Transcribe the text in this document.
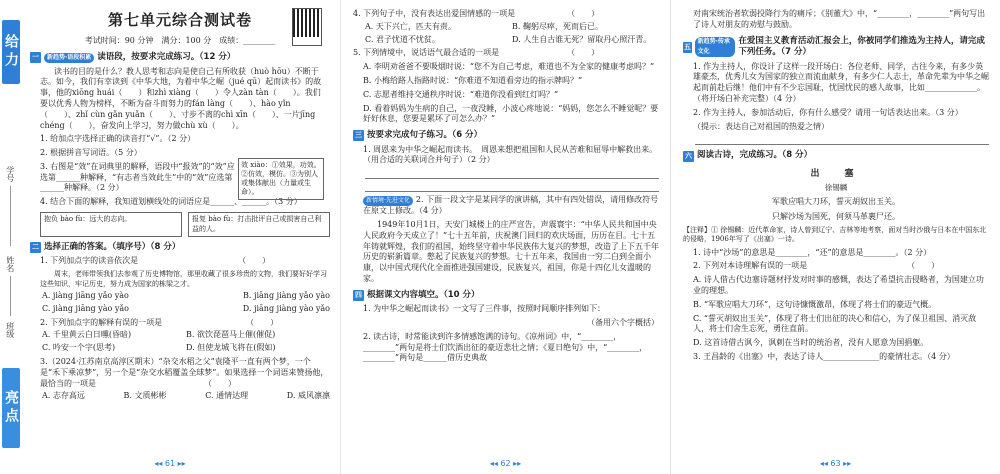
给力
学号
姓名
班级
亮点
第七单元综合测试卷
考试时间：90 分钟　满分：100 分　成绩：________
一	新趋势·语段积累 读语段，按要求完成练习。（12 分）
读书的目的是什么？教人思考和志向是使自己有所收获（huò hōu）不断于志。如今，我们有幸读到《中华大地，为着中华之崛（jué qū）起而读书》的故事，他的xiōng huái（　　）和zhì xiàng（　　）令人zàn tàn（　　）。我们要以优秀人物为榜样，不断为奋斗而努力的fán làng（　　）、hào yǐn（　　）、zhǐ cùn gǎn yuǎn（　　）、寸步不离的chì xīn（　　）、一片jīng chéng（　　），奋发向上学习，努力做chù xù（　　）。
1. 给加点字选择正确的读音打“√”。（2 分）
2. 根据拼音写词语。（5 分）
3. 右图是“效”在词典里的解释，语段中“报效”的“效”应选第______种解释，“有志者当效此生”中的“效”应选第______种解释。（2 分）
效 xiào：①效果，功效。②仿效，模仿。③为别人或集体献出（力量或生命）。
4. 结合下面的解释，我知道划横线处的词语应是______、______。（3 分）
抱负 bào fù：远大的志向。	报复 bào fù：打击批评自己或损害自己利益的人。
二 选择正确的答案。（填序号）（8 分）
1. 下列加点字的读音依次是　　　　　　　　　　　　　（　　）
周末，老师带领我们去参观了历史博物馆，那里收藏了很多珍贵的文物，我们要好好学习这些知识，牢记历史，努力成为国家的栋梁之才。
A. jiàng jiāng yǎo yào	B. jiāng jiàng yǎo yào
C. jiàng jiāng yào yǎo	D. jiāng jiàng yào yǎo
2. 下列加点字的解释有误的一项是　　　　　　　　　　　（　　）
A. 千里黄云白日曛(昏暗)	B. 欲饮琵琶马上催(催促)
C. 吟安一个字(思考)	D. 但使龙城飞将在(假如)
3.（2024·江苏南京高淳区期末）“杂交水稻之父”袁隆平一直有两个梦，一个是“禾下乘凉梦”，另一个是“杂交水稻覆盖全球梦”。如果选择一个词语来赞扬他，最恰当的一项是　　　　　　　　　　　　　　（　　）
A. 志存高远	B. 文质彬彬	C. 通情达理	D. 威风凛凛
◂◂ 61 ▸▸
4. 下列句子中，没有表达出爱国情感的一项是　　　　　　　（　　）
A. 天下兴亡，匹夫有责。	B. 鞠躬尽瘁，死而后已。
C. 君子忧道不忧贫。	D. 人生自古谁无死？留取丹心照汗青。
5. 下列情境中，说话语气最合适的一项是　　　　　　　　　（　　）
A. 李明劝爸爸不要吸烟时说：“您不为自己考虑，难道也不为全家的健康考虑吗？”
B. 小梅给路人指路时说：“你难道不知道看旁边的指示牌吗？”
C. 志愿者维持交通秩序时说：“难道你没看到红灯吗？”
D. 看着妈妈为生病的自己，一夜没睡，小波心疼地说：“妈妈，您怎么不睡觉呢？要好好休息，您要是累坏了可怎么办？”
三 按要求完成句子练习。（6 分）
1. 周恩来为中华之崛起而读书。　周恩来想把祖国和人民从苦难和屈辱中解救出来。（用合适的关联词合并句子）（2 分）
新情境·先进文化 2. 下面一段文字是某同学的演讲稿，其中有四处错误，请用修改符号在原文上修改。（4 分）
1949年10月1日，天安门城楼上的庄严宣告，声震寰宇：“中华人民共和国中央人民政府今天成立了！”七十五年前，庆祝澳门回归的欢庆场面，历历在目。七十五年铸就辉煌，我们的祖国，始终坚守着中华民族伟大复兴的梦想，改造了上下五千年历史的崭新篇章。憋起了民族复兴的梦想。七十五年来，我国由一穷二白到全面小康，以中国式现代化全面推进强国建设，民族复兴，祖国，你是十四亿儿女溫暖的家。
四 根据课文内容填空。（10 分）
1. 为中华之崛起而读书》一文写了三件事，按照时间顺序排列如下：
（备用六个字概括）
2. 读古诗，时常能读到许多情感饱满的诗句。《凉州词》中，“________，________”两句是将士们饮酒出征的豪迈悲壮之情；《夏日绝句》中，“________，________”两句是______借历史典故
◂◂ 62 ▸▸
对南宋统治者软弱投降行为的痛斥；《别董大》中，“________，________”两句写出了诗人对朋友的劝慰与鼓励。
五
新趋势·传承文化
在爱国主义教育活动汇报会上，你被同学们推选为主持人，请完成下列任务。（7 分）
1. 作为主持人，你设计了这样一段开场白：各位老师、同学，古往今来，有多少英雄豪杰，优秀儿女为国家的独立而流血献身，有多少仁人志士，革命先辈为中华之崛起而前赴后继！他们中有不少忘国耻，忧国忧民的感人故事，比如_____________。（将开场白补充完整）（4 分）
2. 作为主持人，参加活动后，你有什么感受？请用一句话表达出来。（3 分）
（提示：表达自己对祖国的热爱之情）
六 阅读古诗，完成练习。（8 分）
出　塞
徐锡麟
军歌应唱大刀环，誓灭胡奴出玉关。
只解沙场为国死，何须马革裹尸还。
【注释】① 徐锡麟：近代革命家，诗人曾到辽宁、吉林等地考察，面对当时沙俄与日本在中国东北的侵略，1906年写了《出塞》一诗。
1. 诗中“沙场”的意思是________，“还”的意思是________。（2 分）
2. 下列对本诗理解有误的一项是　　　　　　　　　　　　　（　　）
A. 诗人借古代边塞诗题材抒发对时事的感慨，表达了希望抗击侵略者，为国建立功业的理想。
B. “军歌应唱大刀环”，这句诗慷慨激昂，体现了将士们的豪迈气概。
C. “誓灭胡奴出玉关”，体现了将士们出征的决心和信心，为了保卫祖国、消灭敌人，将士们舍生忘死，勇往直前。
D. 这首诗借古讽今，讽刺在当时的统治者，没有人愿意为国捐躯。
3. 王昌龄的《出塞》中，表达了诗人______________的豪情壮志。（4 分）
◂◂ 63 ▸▸
